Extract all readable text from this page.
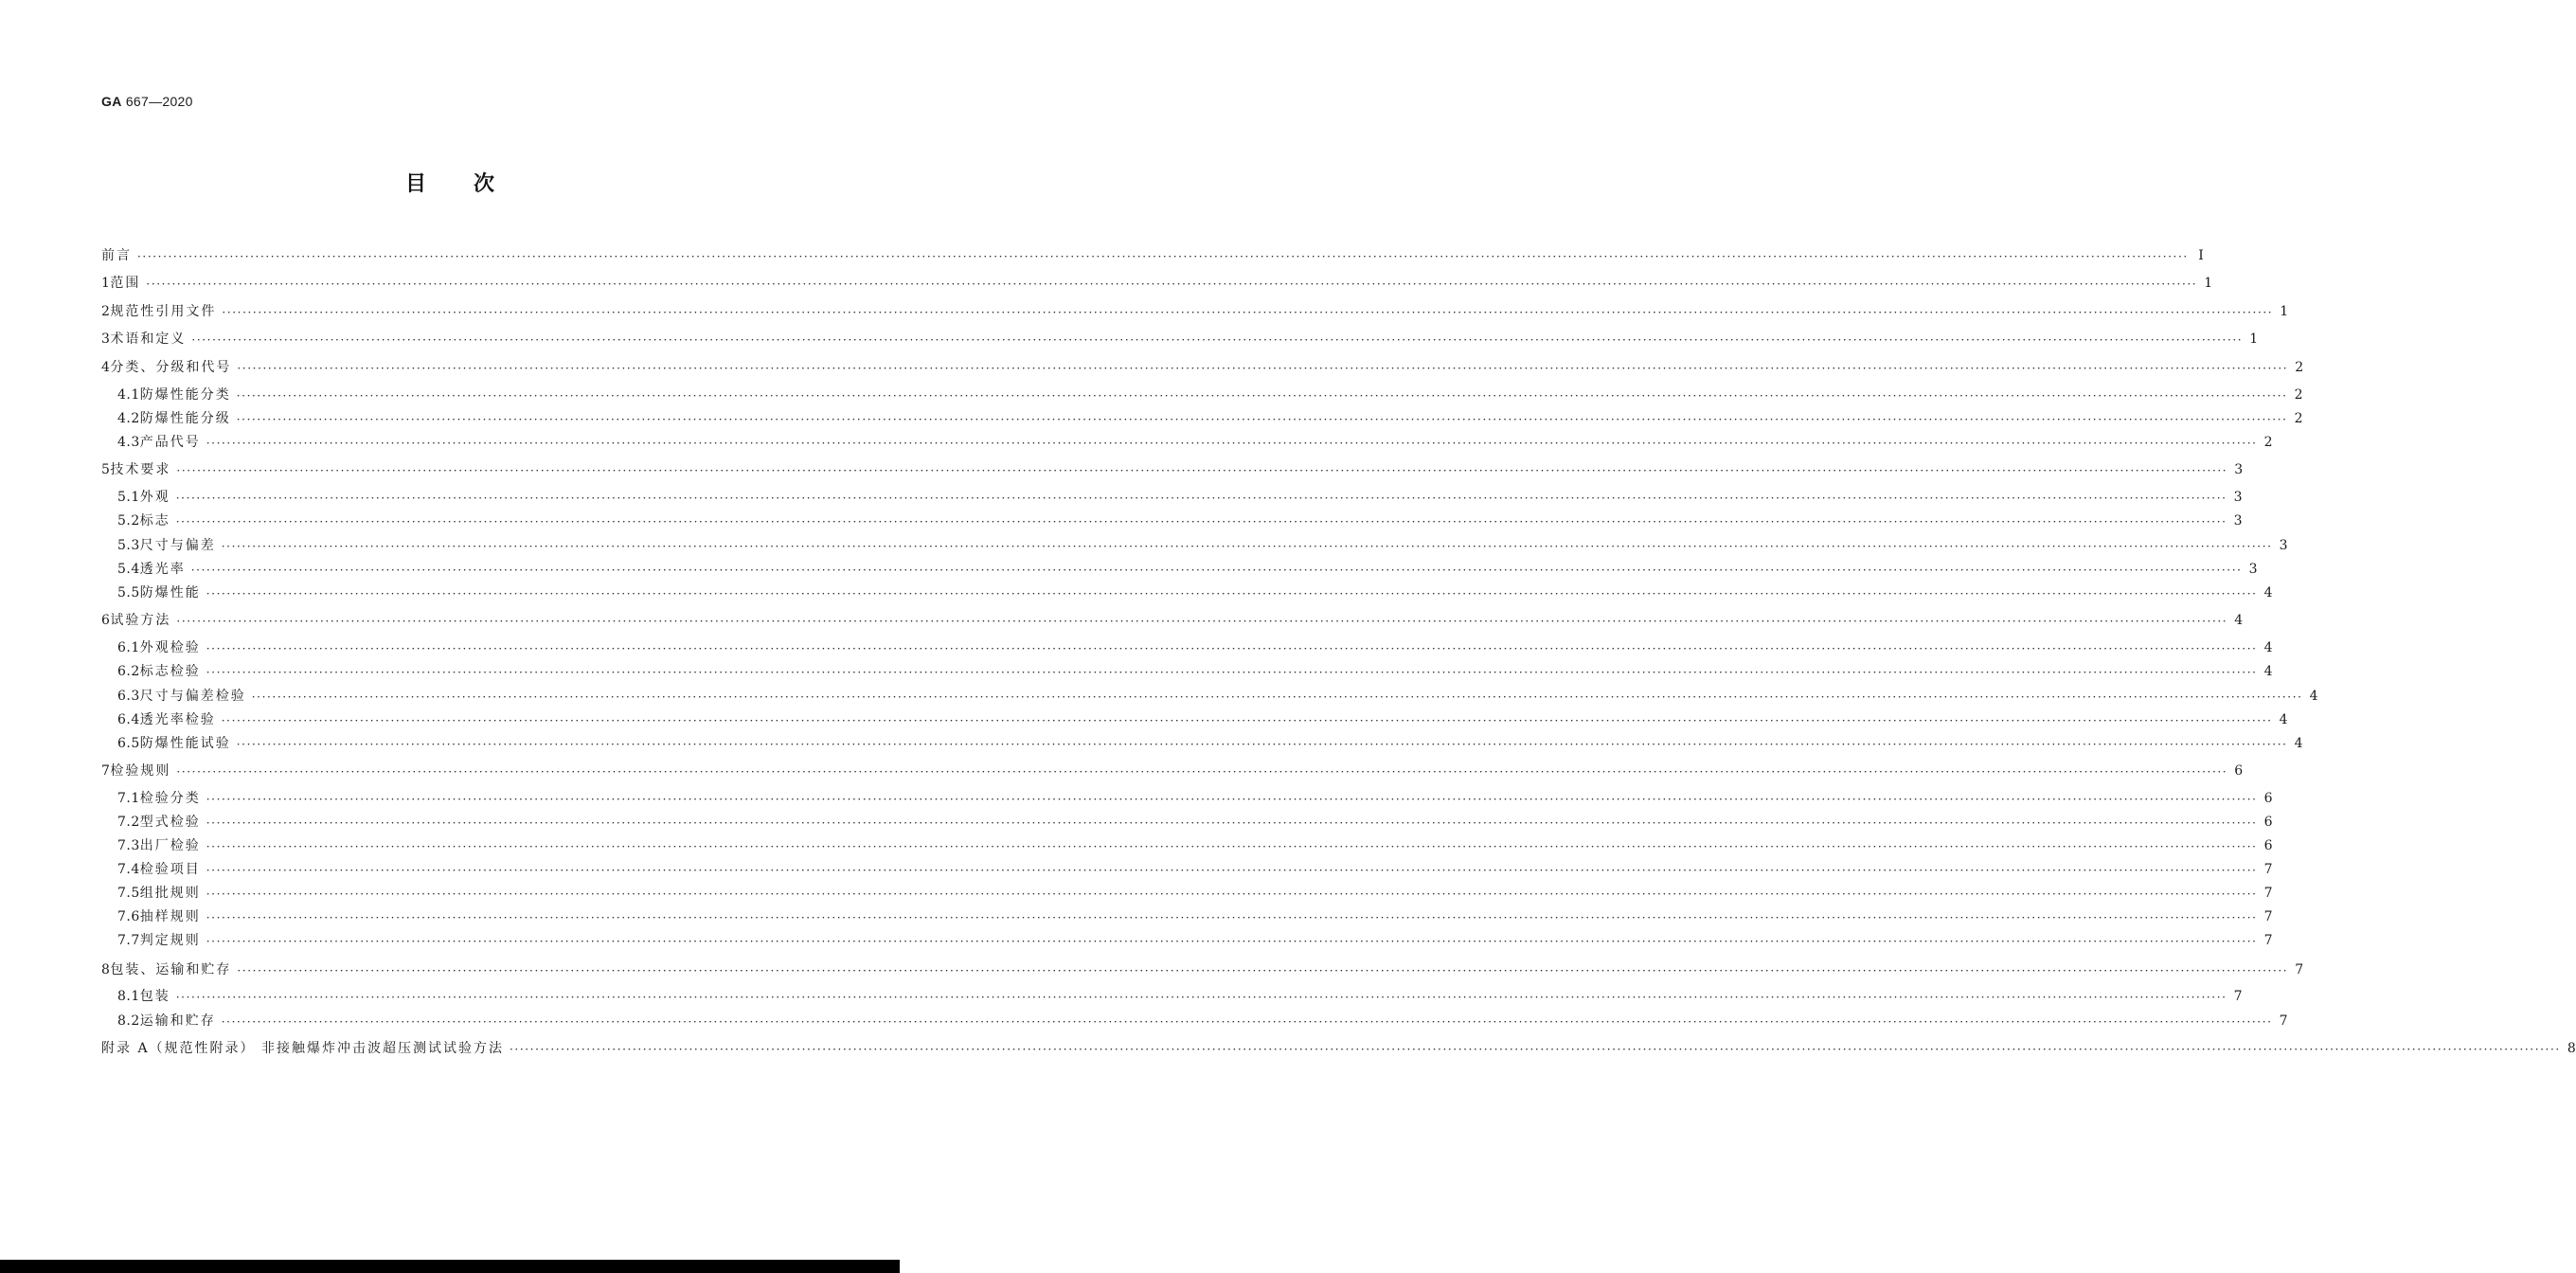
GA 667—2020
目 次
前言 ················································································································································································································································································································································································································ Ⅰ
1 范围 ················································································································································································································································································································································································································ 1
2 规范性引用文件 ················································································································································································································································································································································································································ 1
3 术语和定义 ················································································································································································································································································································································································································ 1
4 分类、分级和代号 ················································································································································································································································································································································································································ 2
4.1 防爆性能分类 ················································································································································································································································································································································································································ 2
4.2 防爆性能分级 ················································································································································································································································································································································································································ 2
4.3 产品代号 ················································································································································································································································································································································································································ 2
5 技术要求 ················································································································································································································································································································································································································ 3
5.1 外观 ················································································································································································································································································································································································································ 3
5.2 标志 ················································································································································································································································································································································································································ 3
5.3 尺寸与偏差 ················································································································································································································································································································································································································ 3
5.4 透光率 ················································································································································································································································································································································································································ 3
5.5 防爆性能 ················································································································································································································································································································································································································ 4
6 试验方法 ················································································································································································································································································································································································································ 4
6.1 外观检验 ················································································································································································································································································································································································································ 4
6.2 标志检验 ················································································································································································································································································································································································································ 4
6.3 尺寸与偏差检验 ················································································································································································································································································································································································································ 4
6.4 透光率检验 ················································································································································································································································································································································································································ 4
6.5 防爆性能试验 ················································································································································································································································································································································································································ 4
7 检验规则 ················································································································································································································································································································································································································ 6
7.1 检验分类 ················································································································································································································································································································································································································ 6
7.2 型式检验 ················································································································································································································································································································································································································ 6
7.3 出厂检验 ················································································································································································································································································································································································································ 6
7.4 检验项目 ················································································································································································································································································································································································································ 7
7.5 组批规则 ················································································································································································································································································································································································································ 7
7.6 抽样规则 ················································································································································································································································································································································································································ 7
7.7 判定规则 ················································································································································································································································································································································································································ 7
8 包装、运输和贮存 ················································································································································································································································································································································································································ 7
8.1 包装 ················································································································································································································································································································································································································ 7
8.2 运输和贮存 ················································································································································································································································································································································································································ 7
附录 A（规范性附录） 非接触爆炸冲击波超压测试试验方法 ················································································································································································································································································································································································································ 8
